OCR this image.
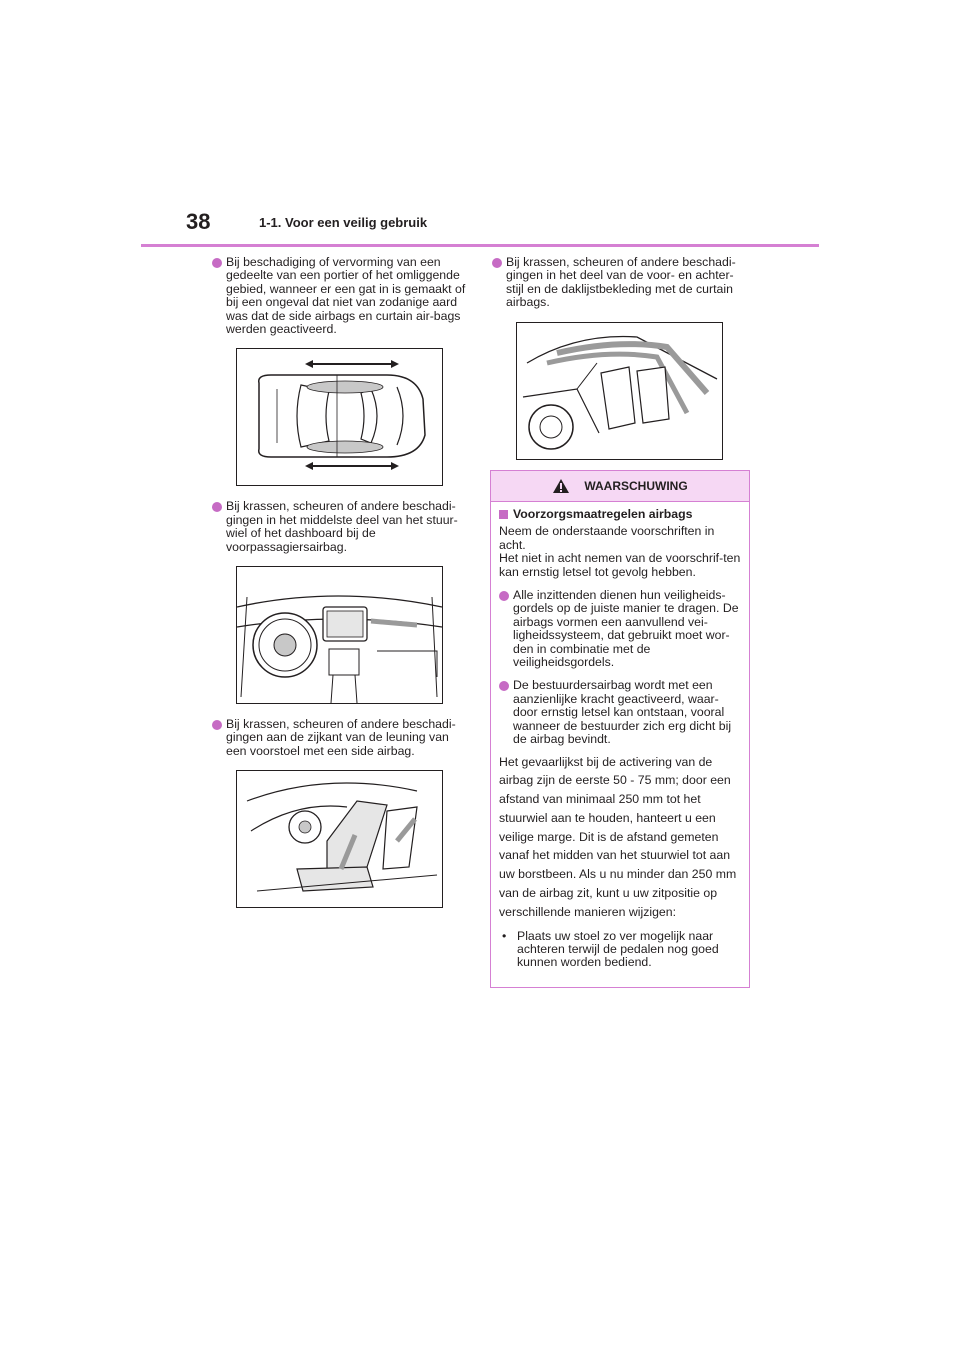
38	1-1. Voor een veilig gebruik

Bij beschadiging of vervorming van een gedeelte van een portier of het omliggende gebied, wanneer er een gat in is gemaakt of bij een ongeval dat niet van zodanige aard was dat de side airbags en curtain air-bags werden geactiveerd.

Bij krassen, scheuren of andere beschadi-gingen in het middelste deel van het stuur-wiel of het dashboard bij de voorpassagiersairbag.

Bij krassen, scheuren of andere beschadi-gingen aan de zijkant van de leuning van een voorstoel met een side airbag.

Bij krassen, scheuren of andere beschadi-gingen in het deel van de voor- en achter-stijl en de daklijstbekleding met de curtain airbags.

WAARSCHUWING
Voorzorgsmaatregelen airbags
Neem de onderstaande voorschriften in acht.
Het niet in acht nemen van de voorschrif-ten kan ernstig letsel tot gevolg hebben.

Alle inzittenden dienen hun veiligheids-gordels op de juiste manier te dragen. De airbags vormen een aanvullend vei-ligheidssysteem, dat gebruikt moet wor-den in combinatie met de veiligheidsgordels.

De bestuurdersairbag wordt met een aanzienlijke kracht geactiveerd, waar-door ernstig letsel kan ontstaan, vooral wanneer de bestuurder zich erg dicht bij de airbag bevindt.

Het gevaarlijkst bij de activering van de airbag zijn de eerste 50 - 75 mm; door een afstand van minimaal 250 mm tot het stuurwiel aan te houden, hanteert u een veilige marge. Dit is de afstand gemeten vanaf het midden van het stuurwiel tot aan uw borstbeen. Als u nu minder dan 250 mm van de airbag zit, kunt u uw zitpositie op verschillende manieren wijzigen:
• Plaats uw stoel zo ver mogelijk naar achteren terwijl de pedalen nog goed kunnen worden bediend.
